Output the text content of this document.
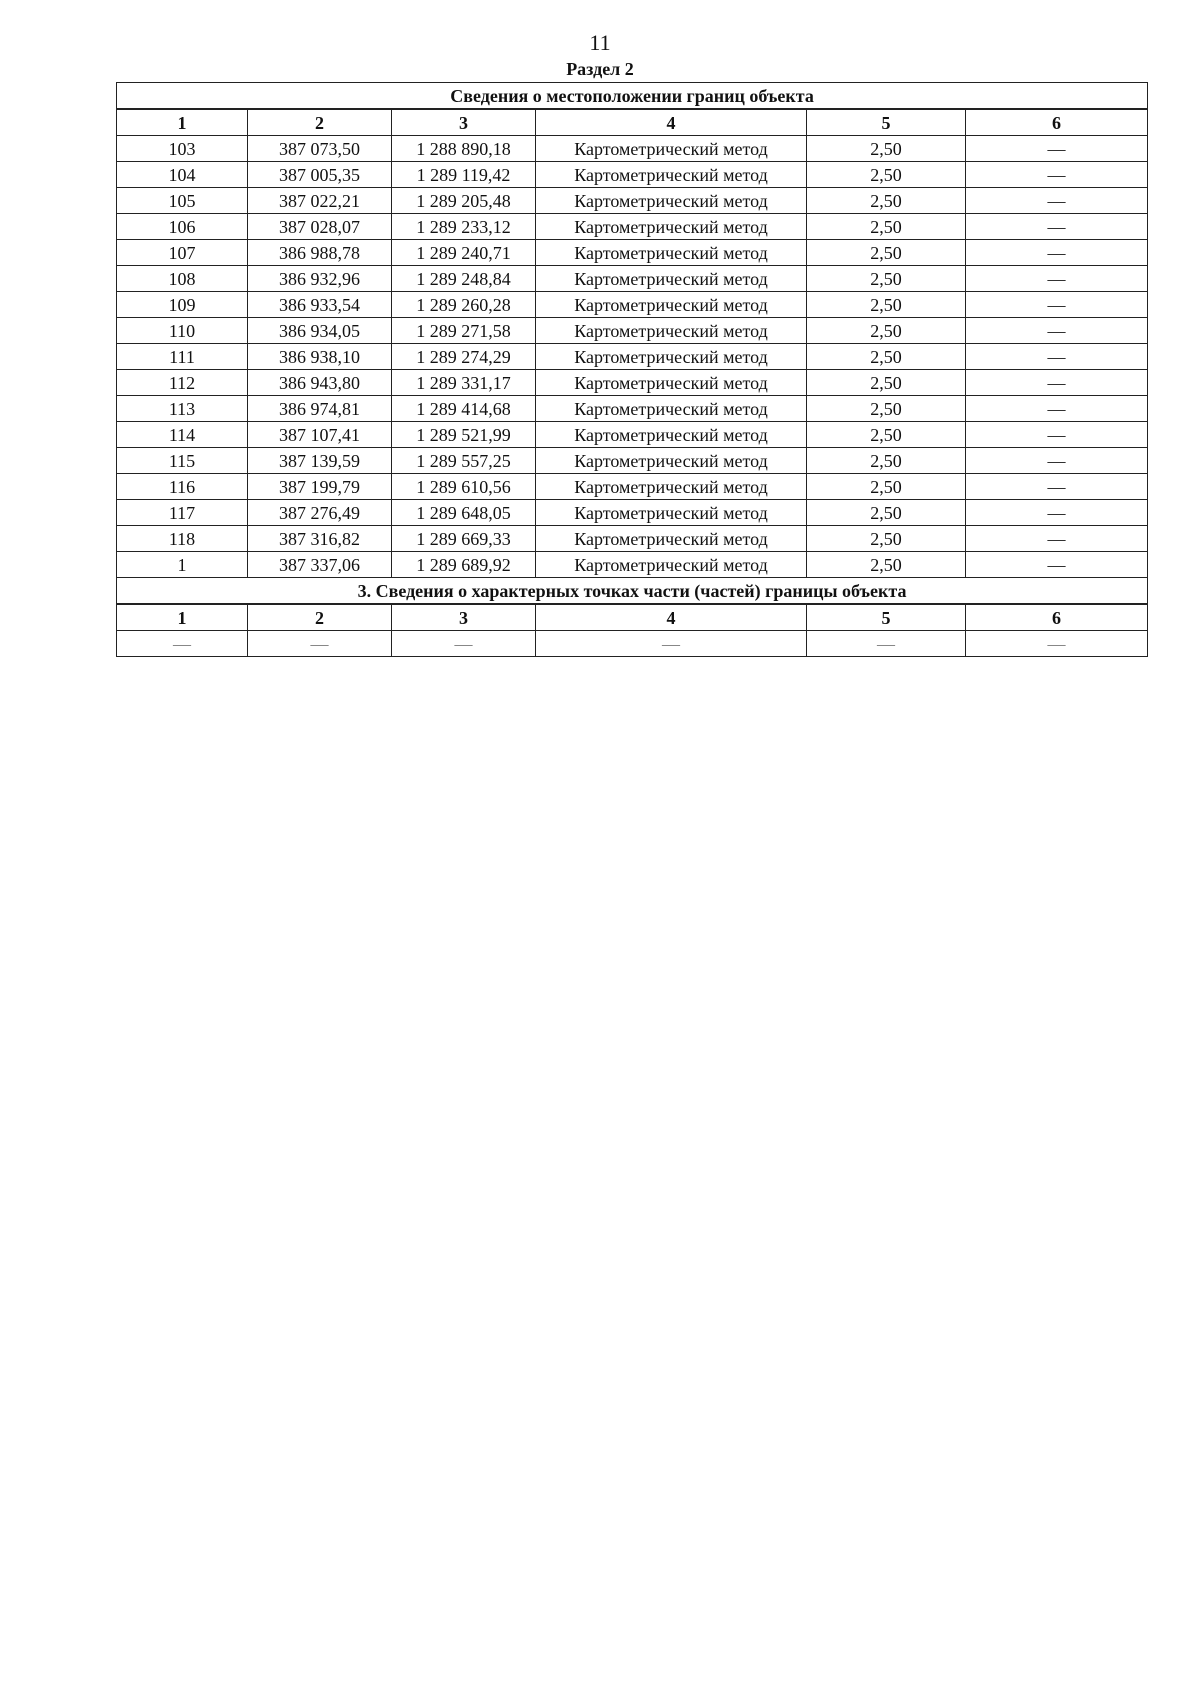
11
Раздел 2
Сведения о местоположении границ объекта					
1	2	3	4	5	6
103	387 073,50	1 288 890,18	Картометрический метод	2,50	—
104	387 005,35	1 289 119,42	Картометрический метод	2,50	—
105	387 022,21	1 289 205,48	Картометрический метод	2,50	—
106	387 028,07	1 289 233,12	Картометрический метод	2,50	—
107	386 988,78	1 289 240,71	Картометрический метод	2,50	—
108	386 932,96	1 289 248,84	Картометрический метод	2,50	—
109	386 933,54	1 289 260,28	Картометрический метод	2,50	—
110	386 934,05	1 289 271,58	Картометрический метод	2,50	—
111	386 938,10	1 289 274,29	Картометрический метод	2,50	—
112	386 943,80	1 289 331,17	Картометрический метод	2,50	—
113	386 974,81	1 289 414,68	Картометрический метод	2,50	—
114	387 107,41	1 289 521,99	Картометрический метод	2,50	—
115	387 139,59	1 289 557,25	Картометрический метод	2,50	—
116	387 199,79	1 289 610,56	Картометрический метод	2,50	—
117	387 276,49	1 289 648,05	Картометрический метод	2,50	—
118	387 316,82	1 289 669,33	Картометрический метод	2,50	—
1	387 337,06	1 289 689,92	Картометрический метод	2,50	—
3. Сведения о характерных точках части (частей) границы объекта					
1	2	3	4	5	6
—	—	—	—	—	—
